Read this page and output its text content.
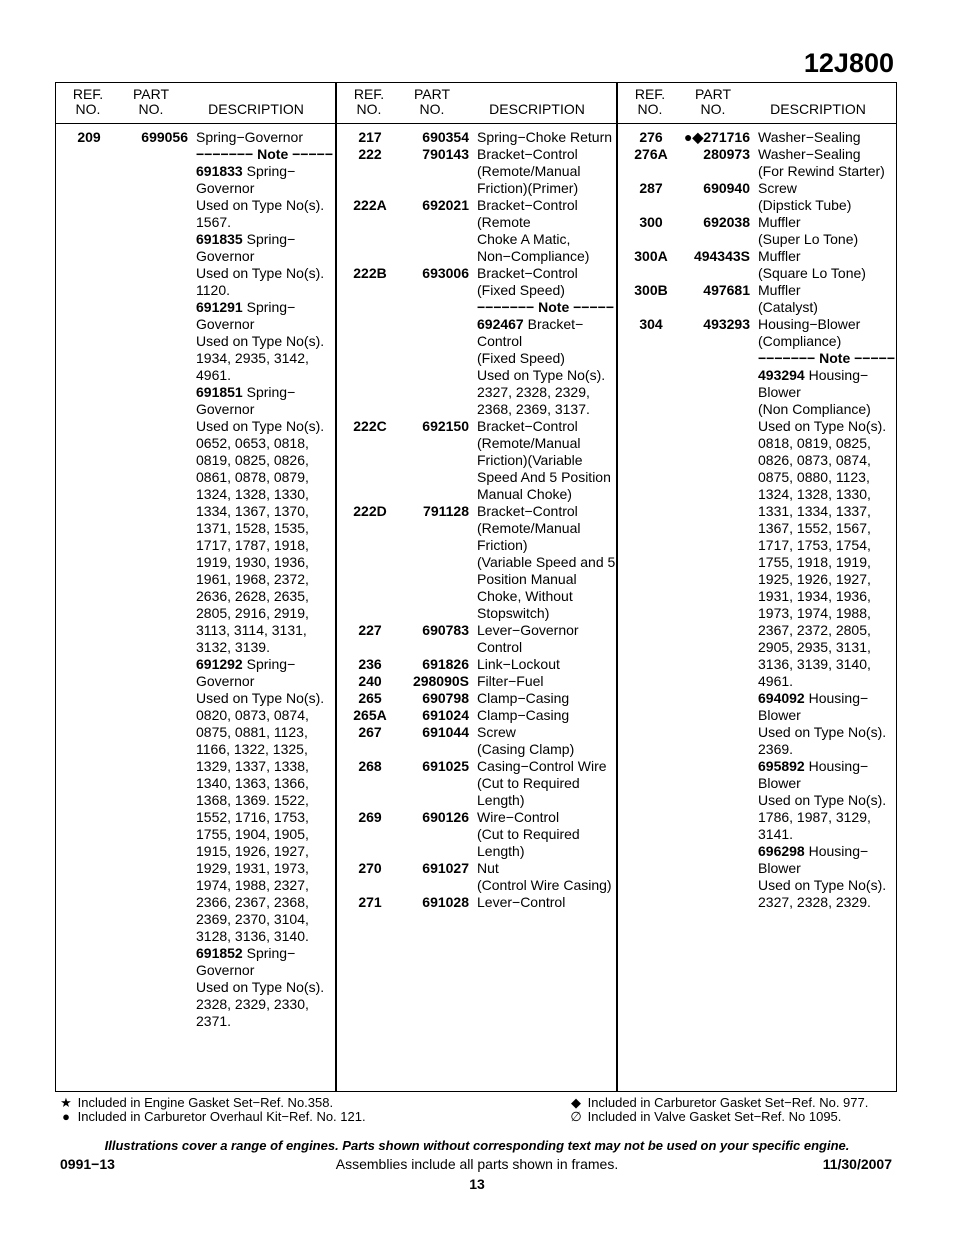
12J800
REF.
NO.
PART
NO.	DESCRIPTION
REF.
NO.
PART
NO.	DESCRIPTION
REF.
NO.
PART
NO.	DESCRIPTION
209	699056 Spring−Governor
−−−−−−− Note −−−−−
691833 Spring−
Governor
Used on Type No(s).
1567.
691835 Spring−
Governor
Used on Type No(s).
1120.
691291 Spring−
Governor
Used on Type No(s).
1934, 2935, 3142,
4961.
691851 Spring−
Governor
Used on Type No(s).
0652, 0653, 0818,
0819, 0825, 0826,
0861, 0878, 0879,
1324, 1328, 1330,
1334, 1367, 1370,
1371, 1528, 1535,
1717, 1787, 1918,
1919, 1930, 1936,
1961, 1968, 2372,
2636, 2628, 2635,
2805, 2916, 2919,
3113, 3114, 3131,
3132, 3139.
691292 Spring−
Governor
Used on Type No(s).
0820, 0873, 0874,
0875, 0881, 1123,
1166, 1322, 1325,
1329, 1337, 1338,
1340, 1363, 1366,
1368, 1369. 1522,
1552, 1716, 1753,
1755, 1904, 1905,
1915, 1926, 1927,
1929, 1931, 1973,
1974, 1988, 2327,
2366, 2367, 2368,
2369, 2370, 3104,
3128, 3136, 3140.
691852 Spring−
Governor
Used on Type No(s).
2328, 2329, 2330,
2371.
217	690354 Spring−Choke Return
222	790143 Bracket−Control
(Remote/Manual
Friction)(Primer)
222A	692021 Bracket−Control
(Remote
Choke A Matic,
Non−Compliance)
222B	693006 Bracket−Control
(Fixed Speed)
−−−−−−− Note −−−−−
692467 Bracket−
Control
(Fixed Speed)
Used on Type No(s).
2327, 2328, 2329,
2368, 2369, 3137.
222C	692150 Bracket−Control
(Remote/Manual
Friction)(Variable
Speed And 5 Position
Manual Choke)
222D	791128 Bracket−Control
(Remote/Manual
Friction)
(Variable Speed and 5
Position Manual
Choke, Without
Stopswitch)
227	690783 Lever−Governor
Control
236	691826 Link−Lockout
240	298090S Filter−Fuel
265	690798 Clamp−Casing
265A	691024 Clamp−Casing
267	691044 Screw
(Casing Clamp)
268	691025 Casing−Control Wire
(Cut to Required
Length)
269	690126 Wire−Control
(Cut to Required
Length)
270	691027 Nut
(Control Wire Casing)
271	691028 Lever−Control
276	●◆271716 Washer−Sealing
276A	280973 Washer−Sealing
(For Rewind Starter)
287	690940 Screw
(Dipstick Tube)
300	692038 Muffler
(Super Lo Tone)
300A	494343S Muffler
(Square Lo Tone)
300B	497681 Muffler
(Catalyst)
304	493293 Housing−Blower
(Compliance)
−−−−−−− Note −−−−−
493294 Housing−
Blower
(Non Compliance)
Used on Type No(s).
0818, 0819, 0825,
0826, 0873, 0874,
0875, 0880, 1123,
1324, 1328, 1330,
1331, 1334, 1337,
1367, 1552, 1567,
1717, 1753, 1754,
1755, 1918, 1919,
1925, 1926, 1927,
1931, 1934, 1936,
1973, 1974, 1988,
2367, 2372, 2805,
2905, 2935, 3131,
3136, 3139, 3140,
4961.
694092 Housing−
Blower
Used on Type No(s).
2369.
695892 Housing−
Blower
Used on Type No(s).
1786, 1987, 3129,
3141.
696298 Housing−
Blower
Used on Type No(s).
2327, 2328, 2329.
★ Included in Engine Gasket Set−Ref. No.358.
● Included in Carburetor Overhaul Kit−Ref. No. 121.
◆ Included in Carburetor Gasket Set−Ref. No. 977.
∅ Included in Valve Gasket Set−Ref. No 1095.

Illustrations cover a range of engines. Parts shown without corresponding text may not be used on your specific engine.

0991−13	Assemblies include all parts shown in frames.	11/30/2007
13
